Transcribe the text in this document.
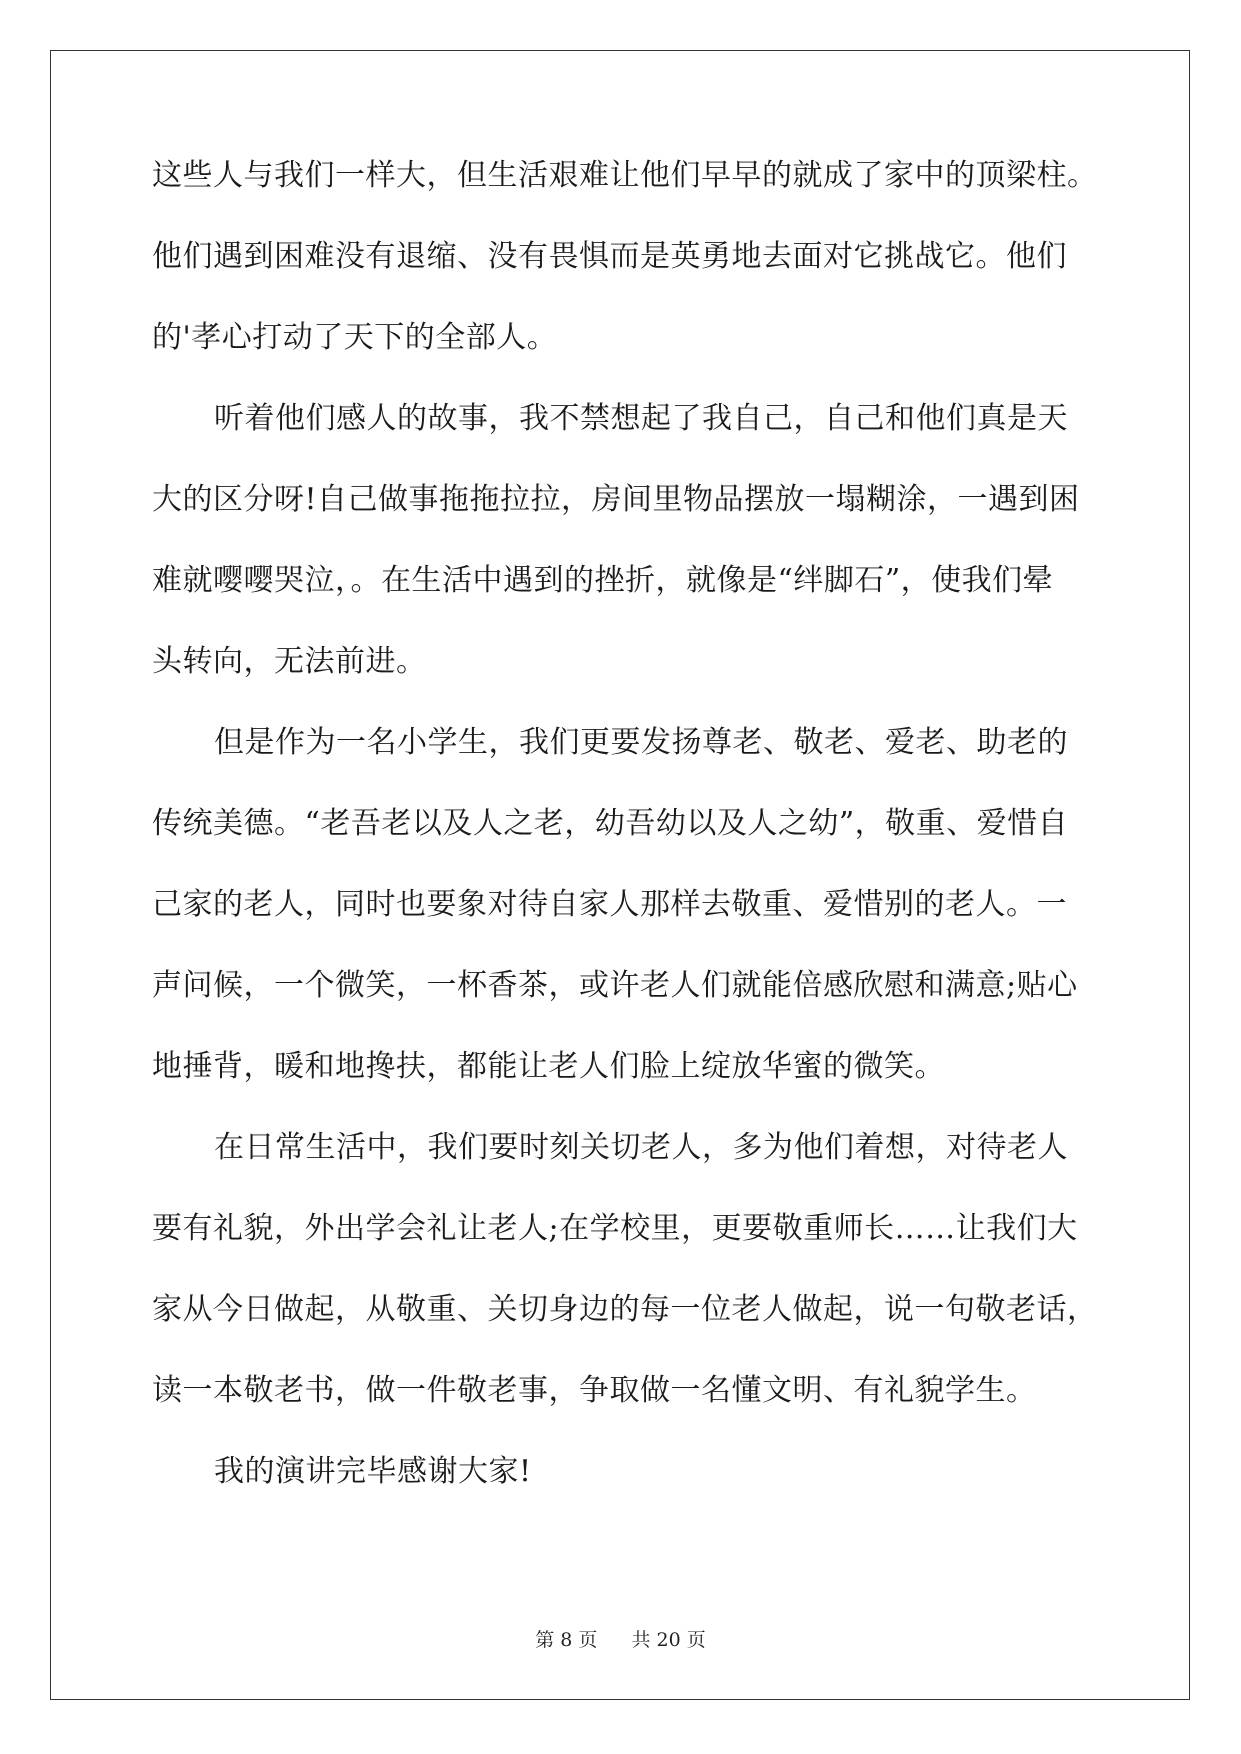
这些人与我们一样大，但生活艰难让他们早早的就成了家中的顶梁柱。
他们遇到困难没有退缩、没有畏惧而是英勇地去面对它挑战它。他们
的'孝心打动了天下的全部人。
听着他们感人的故事，我不禁想起了我自己，自己和他们真是天
大的区分呀!自己做事拖拖拉拉，房间里物品摆放一塌糊涂，一遇到困
难就嘤嘤哭泣，。在生活中遇到的挫折，就像是“绊脚石”，使我们晕
头转向，无法前进。
但是作为一名小学生，我们更要发扬尊老、敬老、爱老、助老的
传统美德。“老吾老以及人之老，幼吾幼以及人之幼”，敬重、爱惜自
己家的老人，同时也要象对待自家人那样去敬重、爱惜别的老人。一
声问候，一个微笑，一杯香茶，或许老人们就能倍感欣慰和满意;贴心
地捶背，暖和地搀扶，都能让老人们脸上绽放华蜜的微笑。
在日常生活中，我们要时刻关切老人，多为他们着想，对待老人
要有礼貌，外出学会礼让老人;在学校里，更要敬重师长……让我们大
家从今日做起，从敬重、关切身边的每一位老人做起，说一句敬老话，
读一本敬老书，做一件敬老事，争取做一名懂文明、有礼貌学生。
我的演讲完毕感谢大家!
第 8 页 共 20 页
